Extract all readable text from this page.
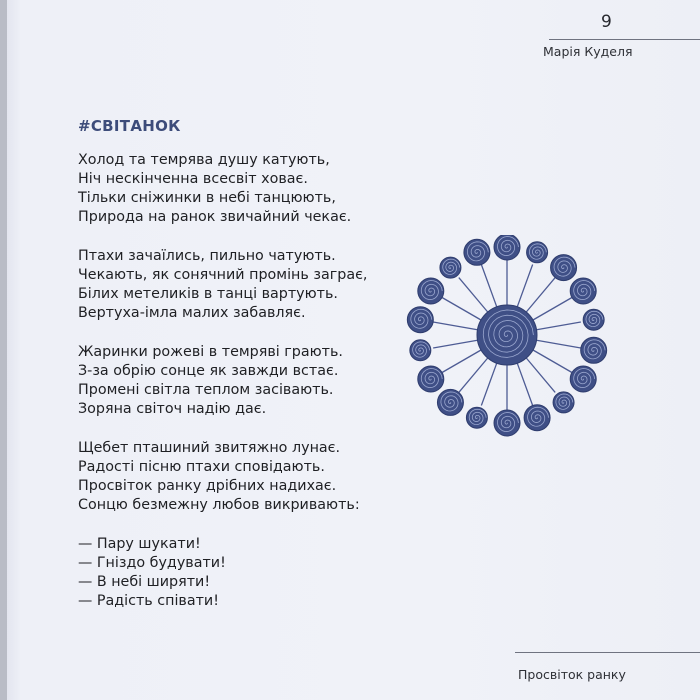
9
Марія Куделя
#СВІТАНОК
Холод та темрява душу катують,
Ніч нескінченна всесвіт ховає.
Тільки сніжинки в небі танцюють,
Природа на ранок звичайний чекає.
Птахи зачаїлись, пильно чатують.
Чекають, як сонячний промінь заграє,
Білих метеликів в танці вартують.
Вертуха-імла малих забавляє.
Жаринки рожеві в темряві грають.
З-за обрію сонце як завжди встає.
Промені світла теплом засівають.
Зоряна світоч надію дає.
Щебет пташиний звитяжно лунає.
Радості пісню птахи сповідають.
Просвіток ранку дрібних надихає.
Сонцю безмежну любов викривають:
— Пару шукати!
— Гніздо будувати!
— В небі ширяти!
— Радість співати!
Просвіток ранку
